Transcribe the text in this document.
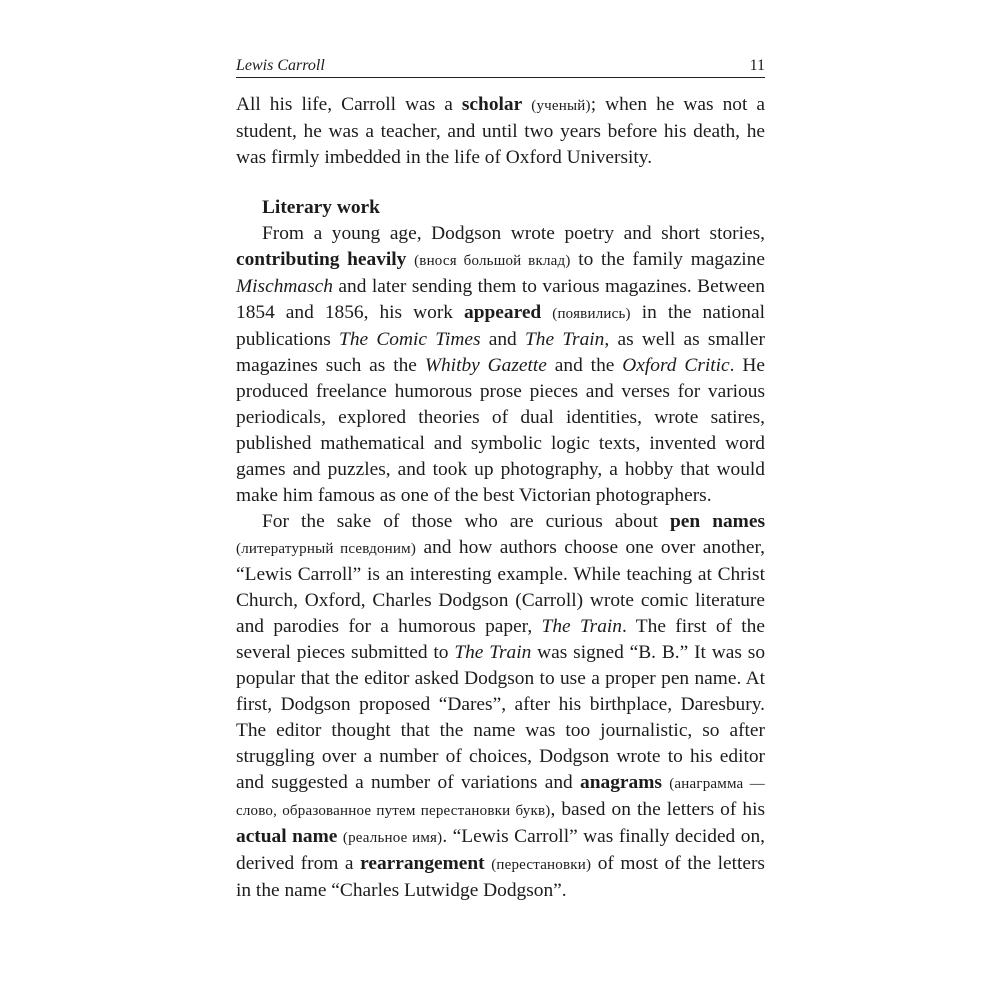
Lewis Carroll	11

All his life, Carroll was a scholar (ученый); when he was not a student, he was a teacher, and until two years before his death, he was firmly imbedded in the life of Oxford University.

Literary work

From a young age, Dodgson wrote poetry and short stories, contributing heavily (внося большой вклад) to the family magazine Mischmasch and later sending them to various magazines. Between 1854 and 1856, his work appeared (появились) in the national publications The Comic Times and The Train, as well as smaller magazines such as the Whitby Gazette and the Oxford Critic. He produced freelance humorous prose pieces and verses for various periodicals, explored theories of dual identities, wrote satires, published mathematical and symbolic logic texts, invented word games and puzzles, and took up photography, a hobby that would make him famous as one of the best Victorian photographers.

For the sake of those who are curious about pen names (литературный псевдоним) and how authors choose one over another, “Lewis Carroll” is an interesting example. While teaching at Christ Church, Oxford, Charles Dodgson (Carroll) wrote comic literature and parodies for a humorous paper, The Train. The first of the several pieces submitted to The Train was signed “B. B.” It was so popular that the editor asked Dodgson to use a proper pen name. At first, Dodgson proposed “Dares”, after his birthplace, Daresbury. The editor thought that the name was too journalistic, so after struggling over a number of choices, Dodgson wrote to his editor and suggested a number of variations and anagrams (анаграмма — слово, образованное путем перестановки букв), based on the letters of his actual name (реальное имя). “Lewis Carroll” was finally decided on, derived from a rearrangement (перестановки) of most of the letters in the name “Charles Lutwidge Dodgson”.
